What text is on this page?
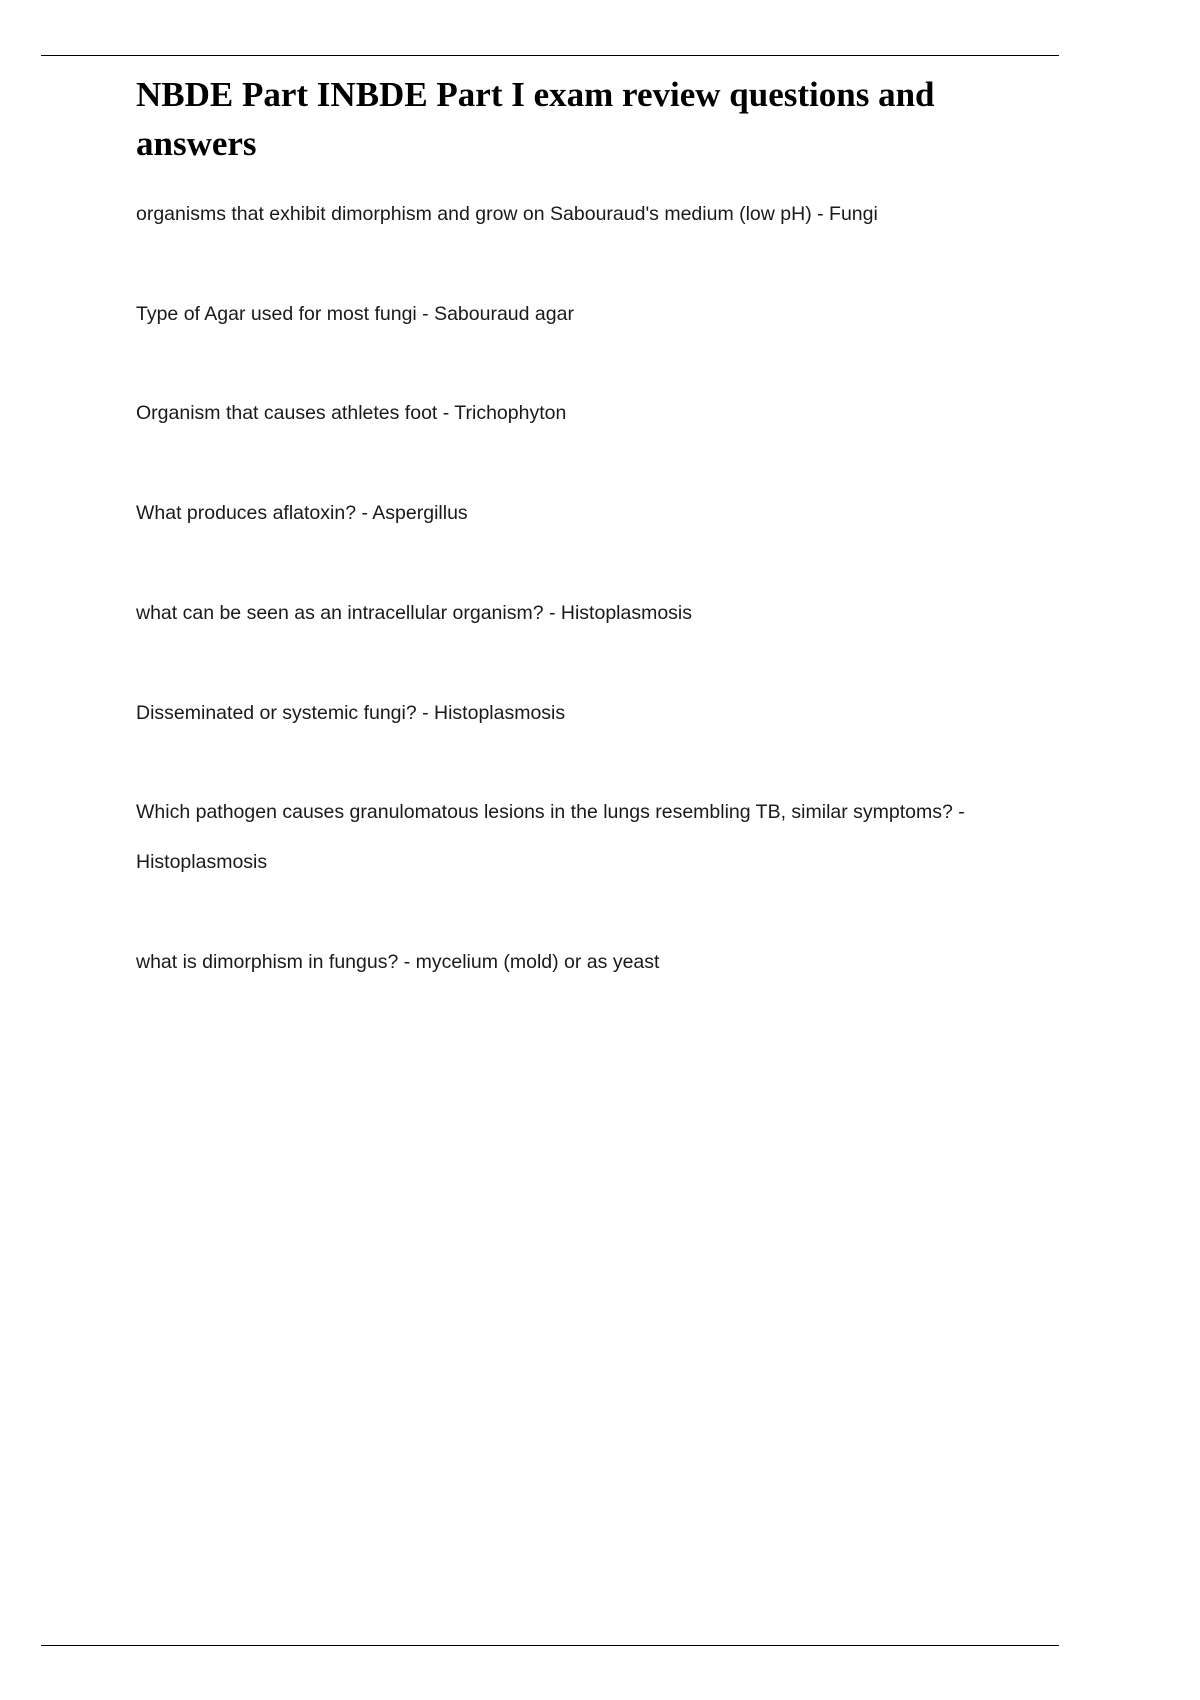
NBDE Part INBDE Part I exam review questions and answers

organisms that exhibit dimorphism and grow on Sabouraud's medium (low pH) - Fungi

Type of Agar used for most fungi - Sabouraud agar

Organism that causes athletes foot - Trichophyton

What produces aflatoxin? - Aspergillus

what can be seen as an intracellular organism? - Histoplasmosis

Disseminated or systemic fungi? - Histoplasmosis

Which pathogen causes granulomatous lesions in the lungs resembling TB, similar symptoms? - Histoplasmosis

what is dimorphism in fungus? - mycelium (mold) or as yeast
